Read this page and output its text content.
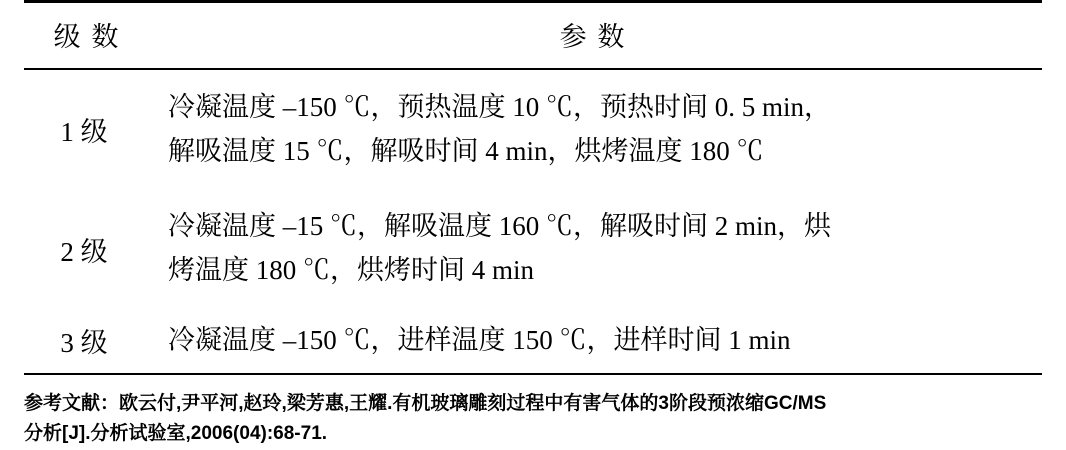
级 数	参 数
1 级	冷凝温度 –150 ℃，预热温度 10 ℃，预热时间 0. 5 min，
解吸温度 15 ℃，解吸时间 4 min，烘烤温度 180 ℃

2 级	冷凝温度 –15 ℃，解吸温度 160 ℃，解吸时间 2 min，烘
烤温度 180 ℃，烘烤时间 4 min

3 级	冷凝温度 –150 ℃，进样温度 150 ℃，进样时间 1 min
参考文献：欧云付,尹平河,赵玲,梁芳惠,王耀.有机玻璃雕刻过程中有害气体的3阶段预浓缩GC/MS
分析[J].分析试验室,2006(04):68-71.
